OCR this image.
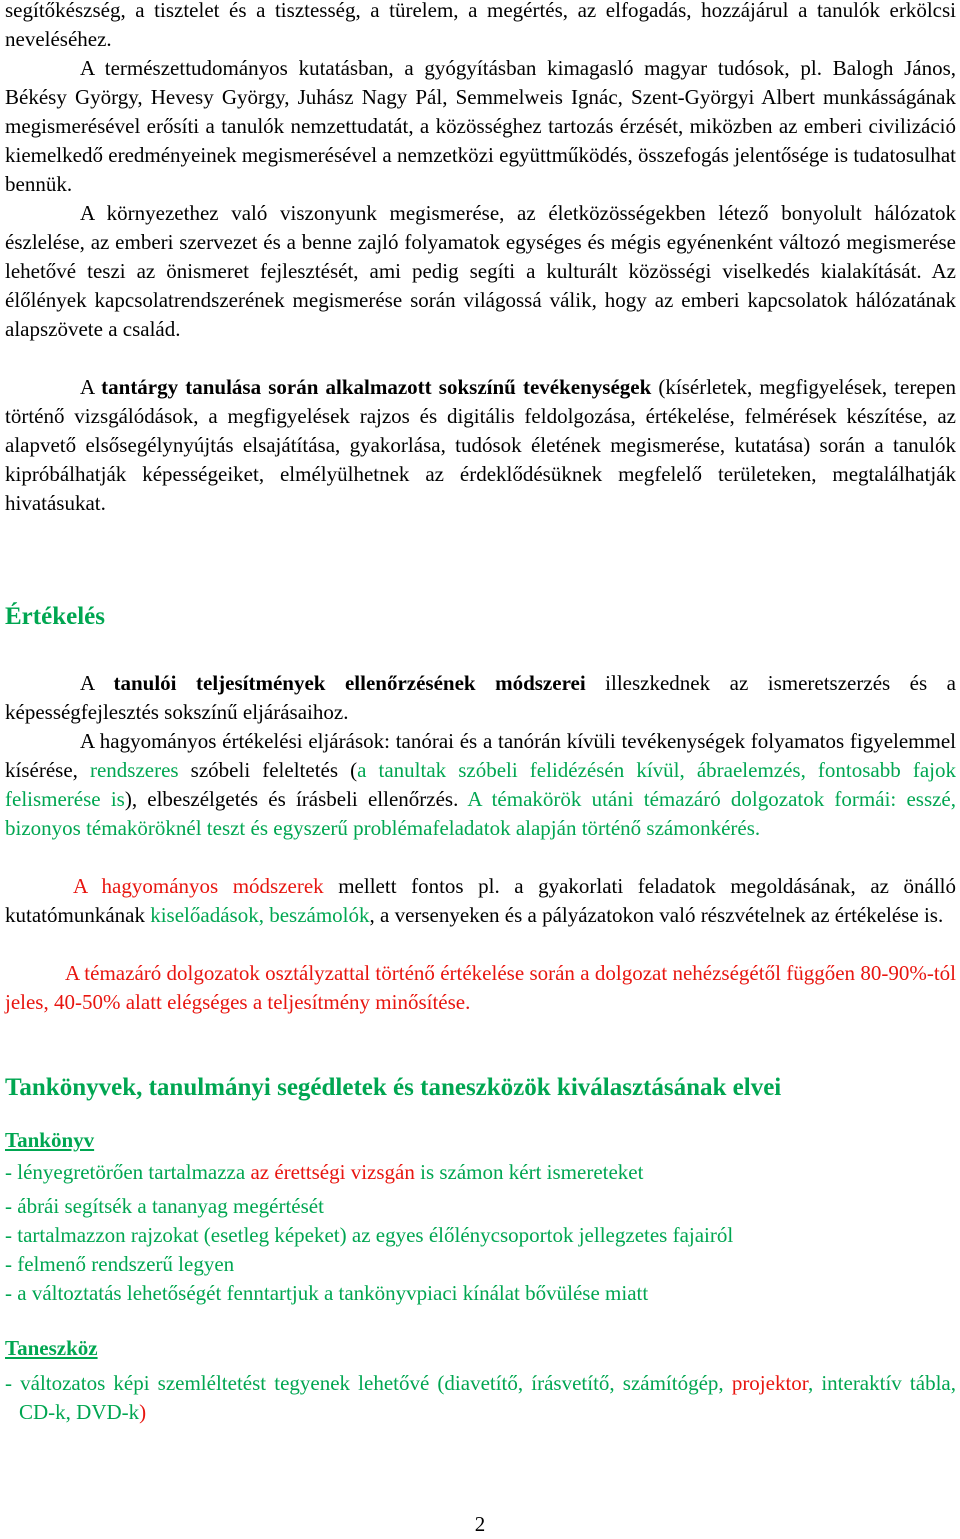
segítőkészség, a tisztelet és a tisztesség, a türelem, a megértés, az elfogadás, hozzájárul a tanulók erkölcsi neveléséhez.

A természettudományos kutatásban, a gyógyításban kimagasló magyar tudósok, pl. Balogh János, Békésy György, Hevesy György, Juhász Nagy Pál, Semmelweis Ignác, Szent-Györgyi Albert munkásságának megismerésével erősíti a tanulók nemzettudatát, a közösséghez tartozás érzését, miközben az emberi civilizáció kiemelkedő eredményeinek megismerésével a nemzetközi együttműködés, összefogás jelentősége is tudatosulhat bennük.

A környezethez való viszonyunk megismerése, az életközösségekben létező bonyolult hálózatok észlelése, az emberi szervezet és a benne zajló folyamatok egységes és mégis egyénenként változó megismerése lehetővé teszi az önismeret fejlesztését, ami pedig segíti a kulturált közösségi viselkedés kialakítását. Az élőlények kapcsolatrendszerének megismerése során világossá válik, hogy az emberi kapcsolatok hálózatának alapszövete a család.

A tantárgy tanulása során alkalmazott sokszínű tevékenységek (kísérletek, megfigyelések, terepen történő vizsgálódások, a megfigyelések rajzos és digitális feldolgozása, értékelése, felmérések készítése, az alapvető elsősegélynyújtás elsajátítása, gyakorlása, tudósok életének megismerése, kutatása) során a tanulók kipróbálhatják képességeiket, elmélyülhetnek az érdeklődésüknek megfelelő területeken, megtalálhatják hivatásukat.

Értékelés

A tanulói teljesítmények ellenőrzésének módszerei illeszkednek az ismeretszerzés és a képességfejlesztés sokszínű eljárásaihoz.

A hagyományos értékelési eljárások: tanórai és a tanórán kívüli tevékenységek folyamatos figyelemmel kísérése, rendszeres szóbeli feleltetés (a tanultak szóbeli felidézésén kívül, ábraelemzés, fontosabb fajok felismerése is), elbeszélgetés és írásbeli ellenőrzés. A témakörök utáni témazáró dolgozatok formái: esszé, bizonyos témaköröknél teszt és egyszerű problémafeladatok alapján történő számonkérés.

A hagyományos módszerek mellett fontos pl. a gyakorlati feladatok megoldásának, az önálló kutatómunkának kiselőadások, beszámolók, a versenyeken és a pályázatokon való részvételnek az értékelése is.

A témazáró dolgozatok osztályzattal történő értékelése során a dolgozat nehézségétől függően 80-90%-tól jeles, 40-50% alatt elégséges a teljesítmény minősítése.

Tankönyvek, tanulmányi segédletek és taneszközök kiválasztásának elvei
Tankönyv

- lényegretörően tartalmazza az érettségi vizsgán is számon kért ismereteket

- ábrái segítsék a tananyag megértését

- tartalmazzon rajzokat (esetleg képeket) az egyes élőlénycsoportok jellegzetes fajairól

- felmenő rendszerű legyen

- a változtatás lehetőségét fenntartjuk a tankönyvpiaci kínálat bővülése miatt

Taneszköz

- változatos képi szemléltetést tegyenek lehetővé (diavetítő, írásvetítő, számítógép, projektor, interaktív tábla, CD-k, DVD-k)

2
